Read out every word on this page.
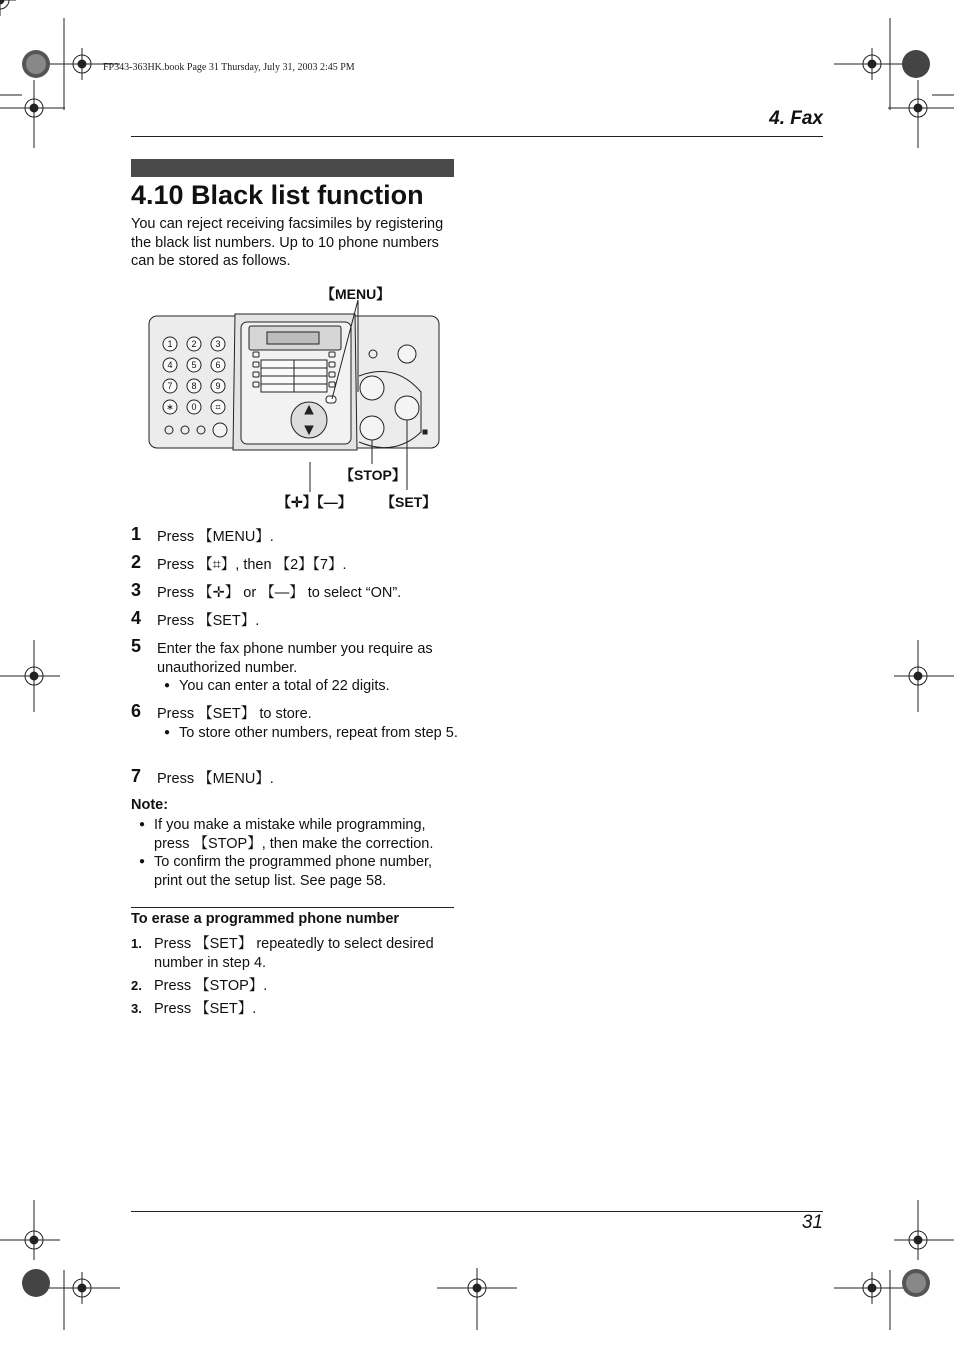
FP343-363HK.book Page 31 Thursday, July 31, 2003 2:45 PM
4. Fax
4.10 Black list function
You can reject receiving facsimiles by registering the black list numbers. Up to 10 phone numbers can be stored as follows.
1 2 3
4 5 6
7 8 9
∗ 0 ⌗
【MENU】
【STOP】
【✛】【—】 【SET】
1 Press 【MENU】.
2 Press 【⌗】, then 【2】【7】.
3 Press 【✛】 or 【—】 to select “ON”.
4 Press 【SET】.
5 Enter the fax phone number you require as unauthorized number.
● You can enter a total of 22 digits.
6 Press 【SET】 to store.
● To store other numbers, repeat from step 5.
7 Press 【MENU】.
Note:
● If you make a mistake while programming, press 【STOP】, then make the correction.
● To confirm the programmed phone number, print out the setup list. See page 58.
To erase a programmed phone number
1. Press 【SET】 repeatedly to select desired number in step 4.
2. Press 【STOP】.
3. Press 【SET】.
31
